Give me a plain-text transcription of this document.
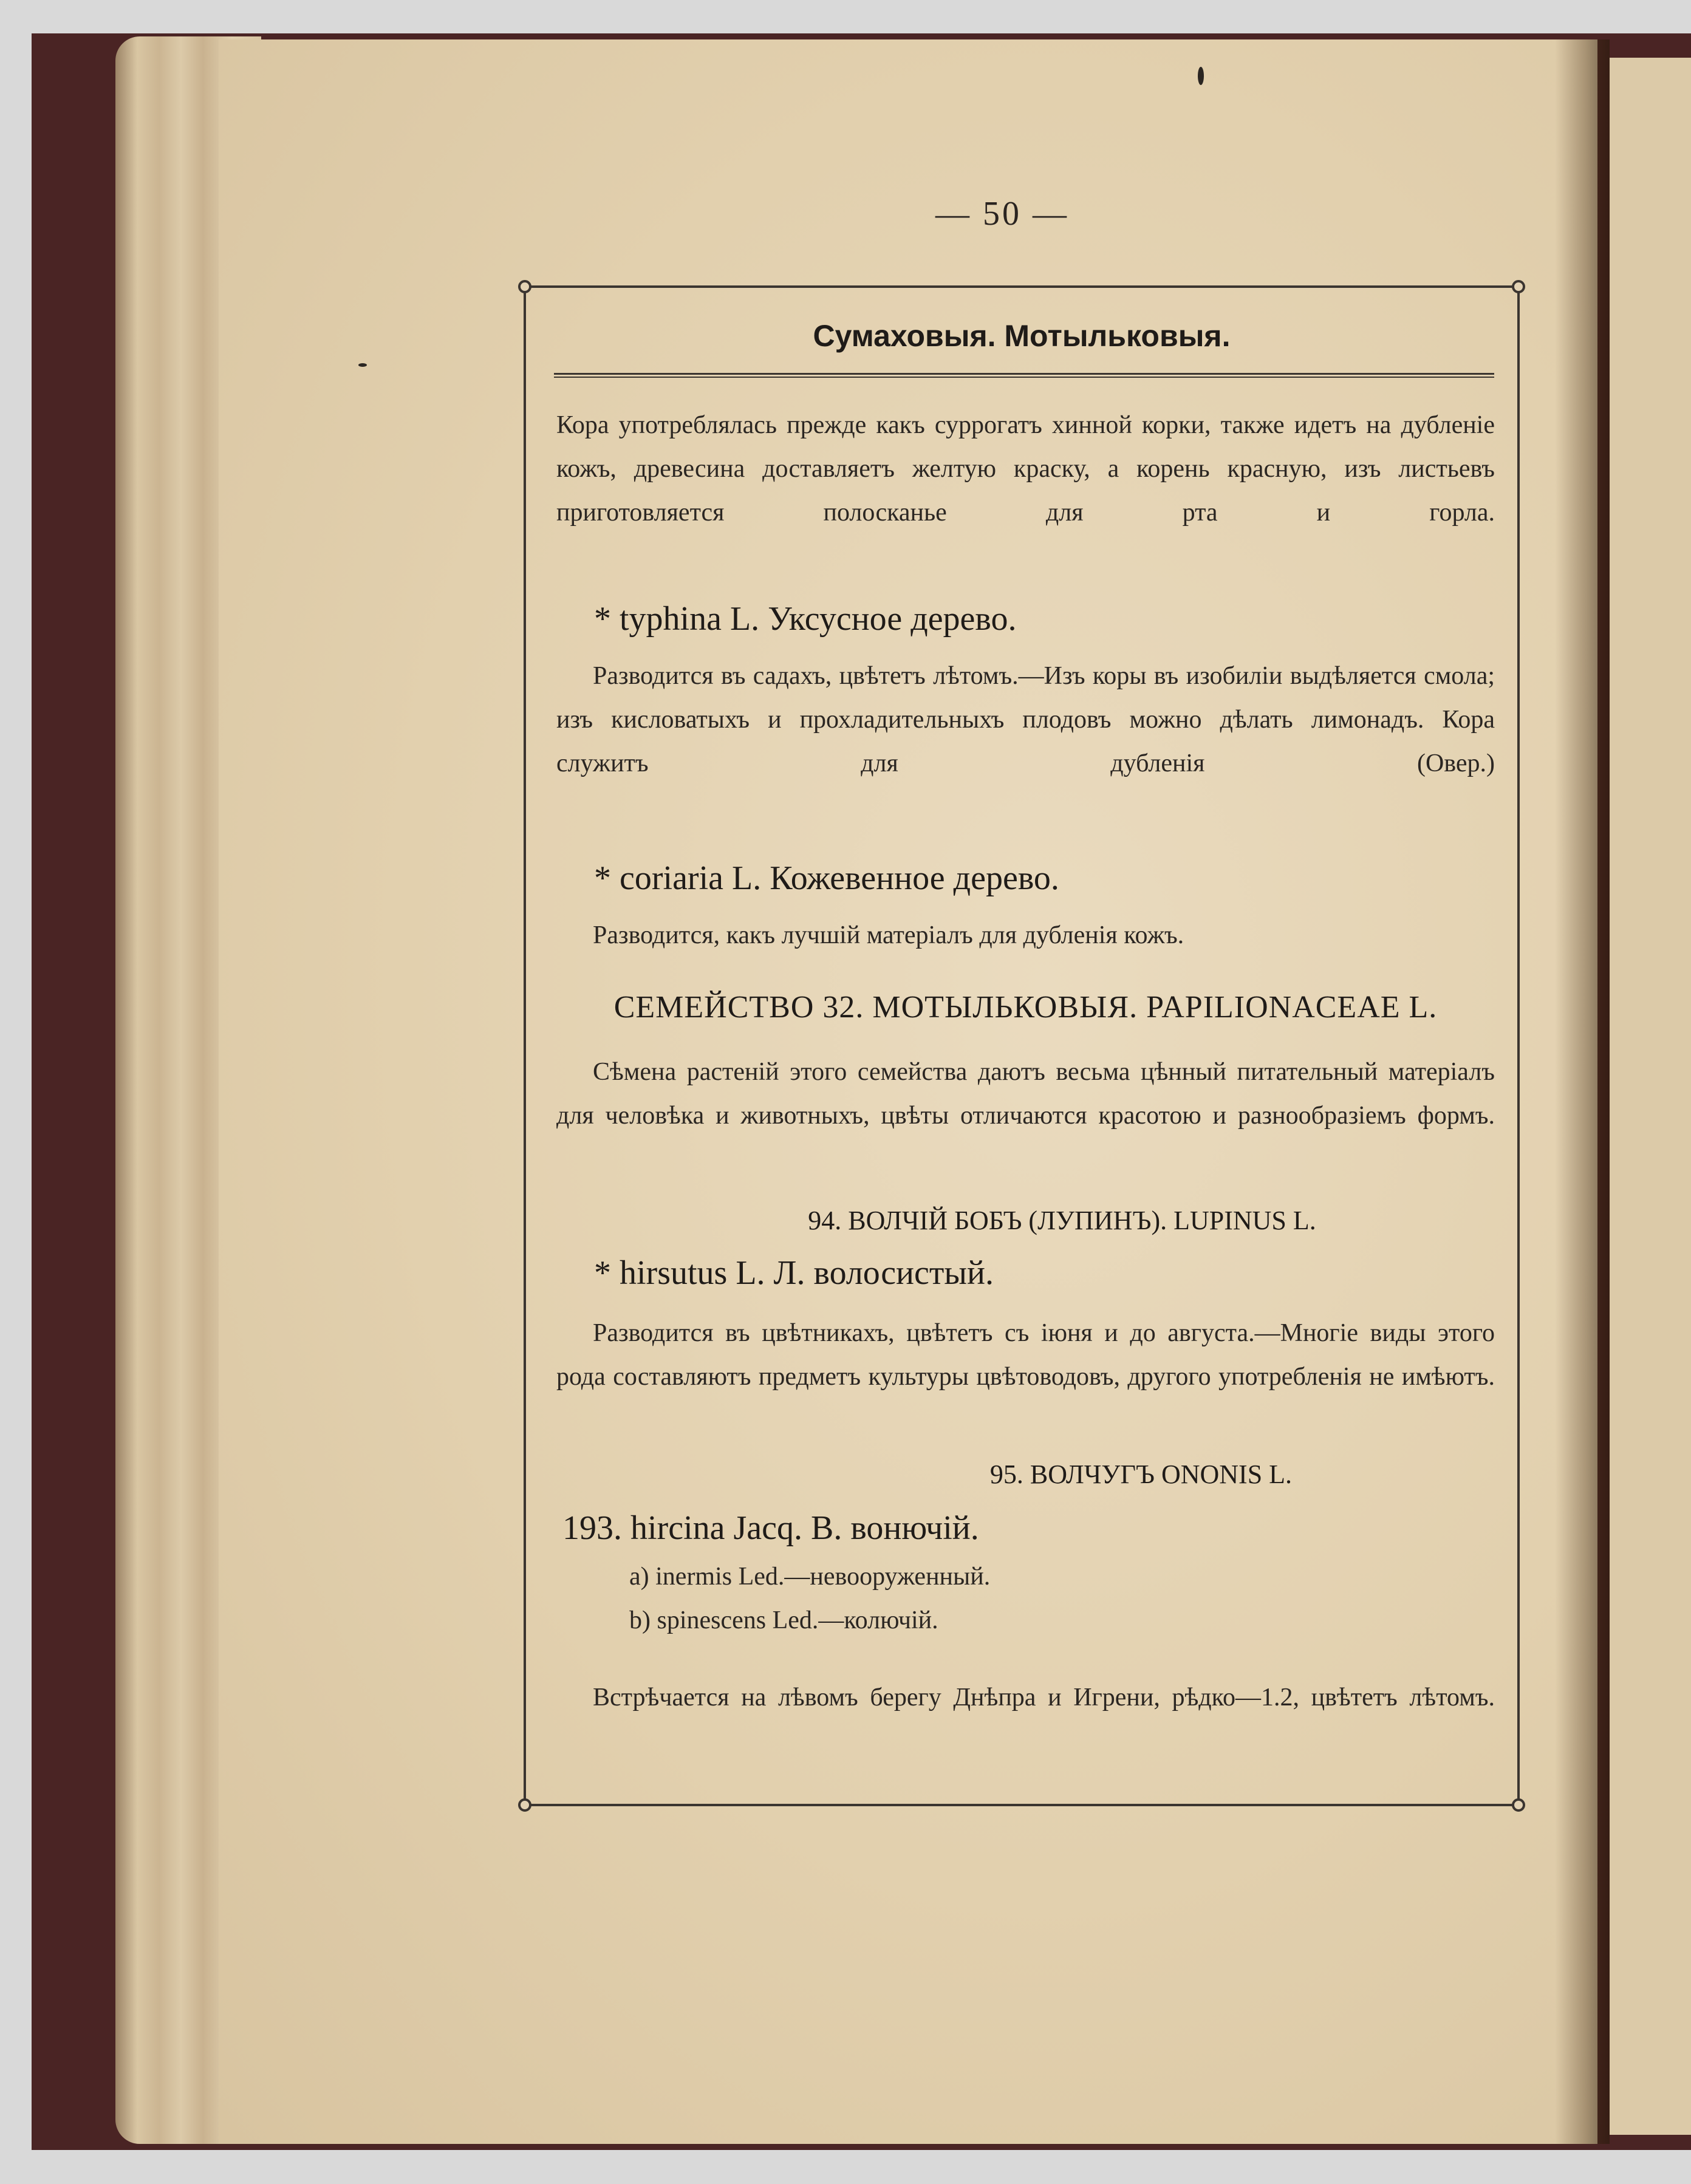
— 50 —
Сумаховыя. Мотыльковыя.
Кора употреблялась прежде какъ суррогатъ хинной корки, также идетъ на дубленіе кожъ, древесина доставляетъ желтую краску, а корень красную, изъ листьевъ приготовляется полосканье для рта и горла.
* typhina L. Уксусное дерево.
Разводится въ садахъ, цвѣтетъ лѣтомъ.—Изъ коры въ изобиліи выдѣляется смола; изъ кисловатыхъ и прохладительныхъ плодовъ можно дѣлать лимонадъ. Кора служитъ для дубленія (Овер.)
* coriaria L. Кожевенное дерево.
Разводится, какъ лучшій матеріалъ для дубленія кожъ.
СЕМЕЙСТВО 32. МОТЫЛЬКОВЫЯ. PAPILIONACEAE L.
Сѣмена растеній этого семейства даютъ весьма цѣнный питательный матеріалъ для человѣка и животныхъ, цвѣты отличаются красотою и разнообразіемъ формъ.
94. ВОЛЧІЙ БОБЪ (ЛУПИНЪ). LUPINUS L.
* hirsutus L. Л. волосистый.
Разводится въ цвѣтникахъ, цвѣтетъ съ іюня и до августа.—Многіе виды этого рода составляютъ предметъ культуры цвѣтоводовъ, другого употребленія не имѣютъ.
95. ВОЛЧУГЪ ONONIS L.
193. hircina Jacq. В. вонючій.
a) inermis Led.—невооруженный.
b) spinescens Led.—колючій.
Встрѣчается на лѣвомъ берегу Днѣпра и Игрени, рѣдко—1.2, цвѣтетъ лѣтомъ.
